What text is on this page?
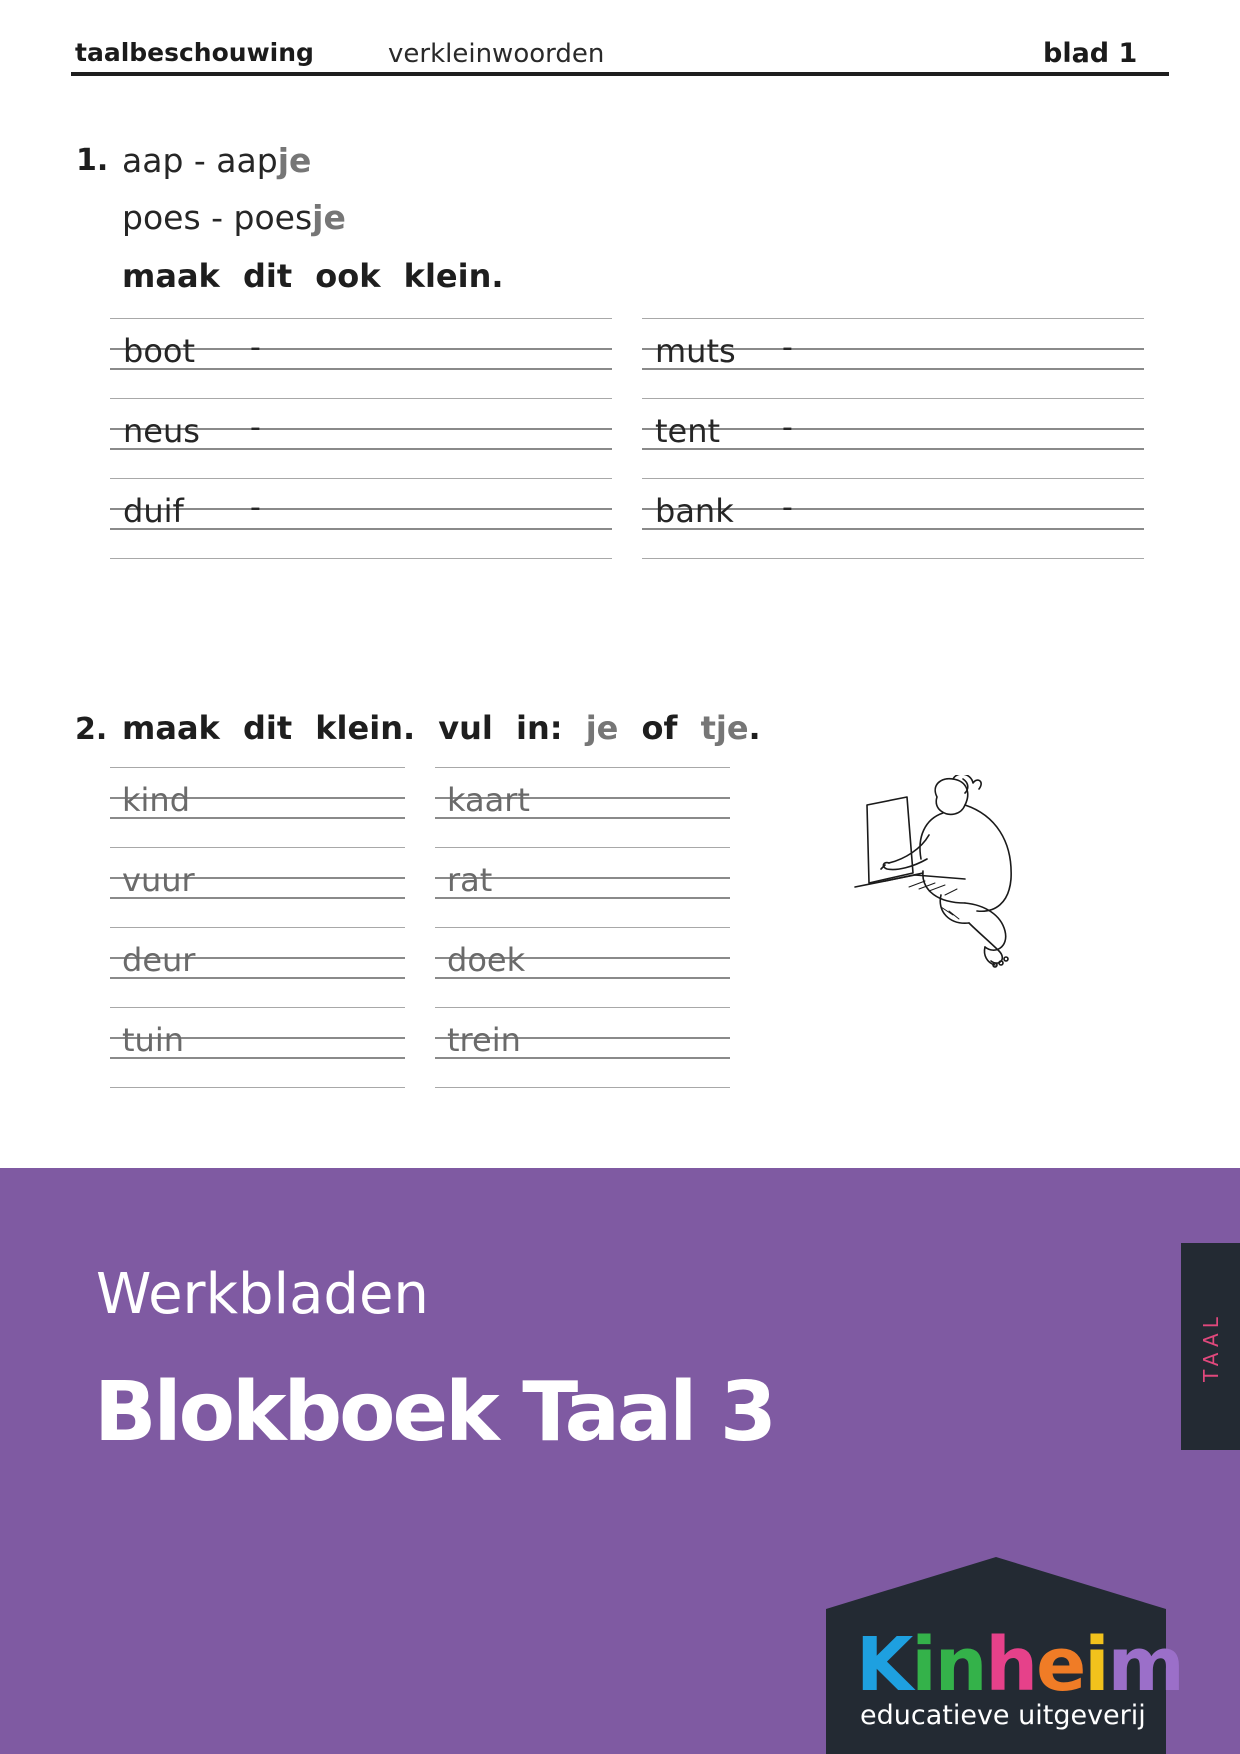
taalbeschouwing	verkleinwoorden	blad 1
1. aap - aapje
poes - poesje
maak dit ook klein.
boot -
neus -
duif -
muts -
tent -
bank -
2. maak dit klein. vul in: je of tje.
kind
vuur
deur
tuin
kaart
rat
doek
trein
Werkbladen
Blokboek Taal 3
TAAL
Kinheim
educatieve uitgeverij
